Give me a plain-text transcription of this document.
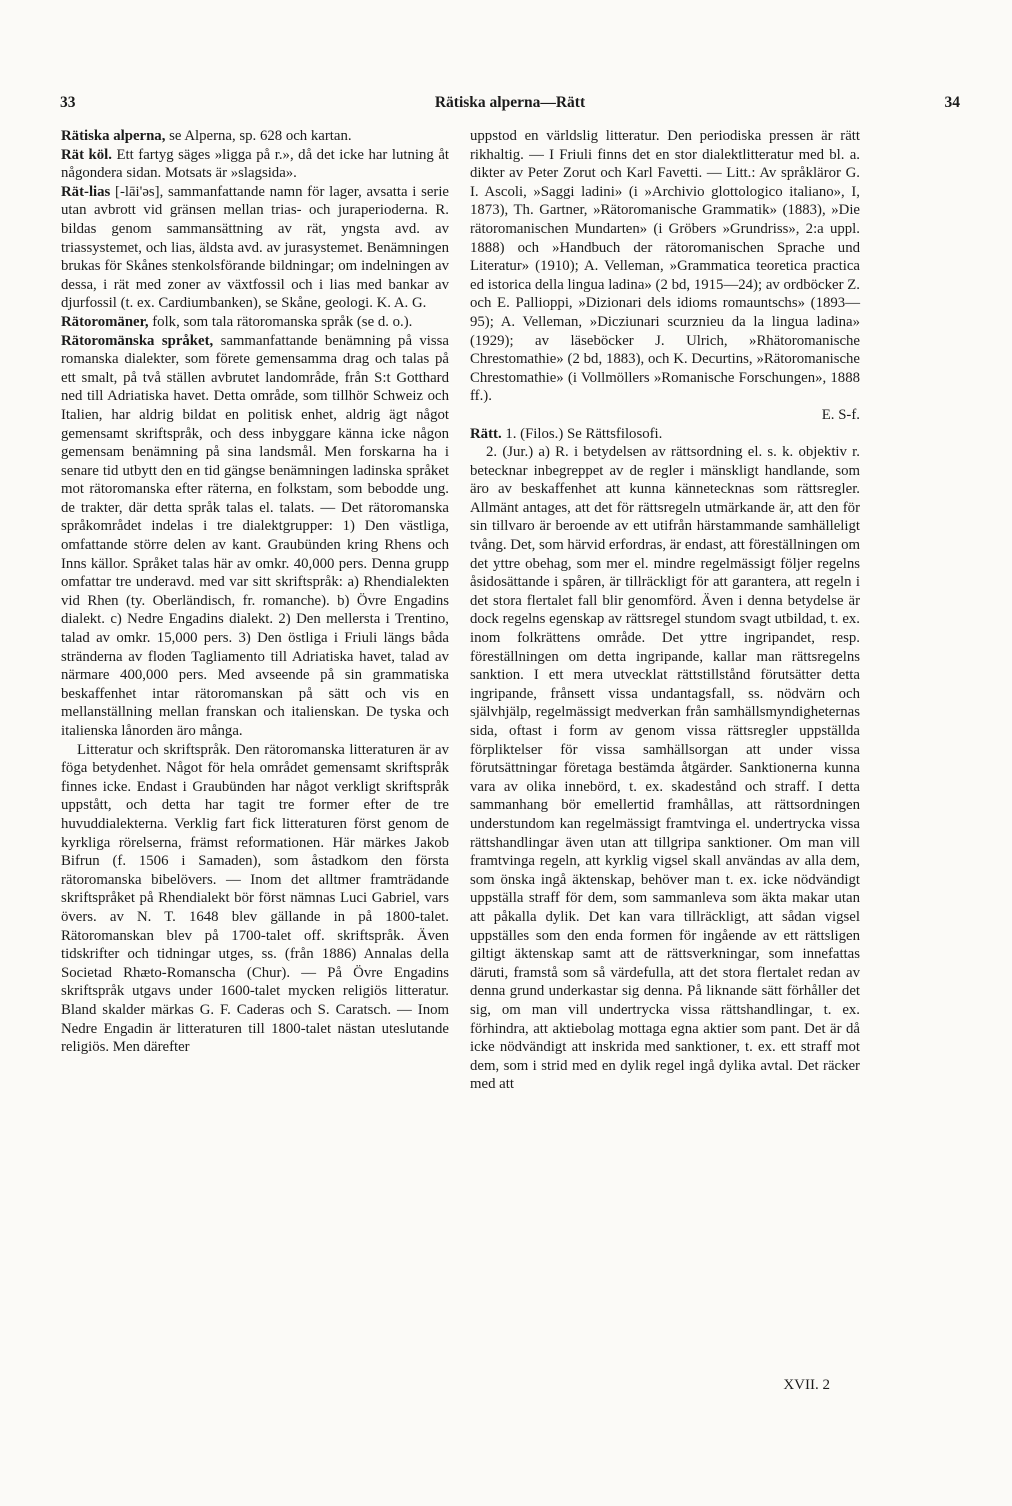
33	Rätiska alperna—Rätt	34

Rätiska alperna, se Alperna, sp. 628 och kartan.

Rät köl. Ett fartyg säges »ligga på r.», då det icke har lutning åt någondera sidan. Motsats är »slagsida».

Rät-lias [-lāi'əs], sammanfattande namn för lager, avsatta i serie utan avbrott vid gränsen mellan trias- och juraperioderna. R. bildas genom sammansättning av rät, yngsta avd. av triassystemet, och lias, äldsta avd. av jurasystemet. Benämningen brukas för Skånes stenkolsförande bildningar; om indelningen av dessa, i rät med zoner av växtfossil och i lias med bankar av djurfossil (t. ex. Cardiumbanken), se Skåne, geologi. K. A. G.

Rätoromäner, folk, som tala rätoromanska språk (se d. o.).

Rätoromänska språket, sammanfattande benämning på vissa romanska dialekter, som förete gemensamma drag och talas på ett smalt, på två ställen avbrutet landområde, från S:t Gotthard ned till Adriatiska havet. Detta område, som tillhör Schweiz och Italien, har aldrig bildat en politisk enhet, aldrig ägt något gemensamt skriftspråk, och dess inbyggare känna icke någon gemensam benämning på sina landsmål. Men forskarna ha i senare tid utbytt den en tid gängse benämningen ladinska språket mot rätoromanska efter räterna, en folkstam, som bebodde ung. de trakter, där detta språk talas el. talats. — Det rätoromanska språkområdet indelas i tre dialektgrupper: 1) Den västliga, omfattande större delen av kant. Graubünden kring Rhens och Inns källor. Språket talas här av omkr. 40,000 pers. Denna grupp omfattar tre underavd. med var sitt skriftspråk: a) Rhendialekten vid Rhen (ty. Oberländisch, fr. romanche). b) Övre Engadins dialekt. c) Nedre Engadins dialekt. 2) Den mellersta i Trentino, talad av omkr. 15,000 pers. 3) Den östliga i Friuli längs båda stränderna av floden Tagliamento till Adriatiska havet, talad av närmare 400,000 pers. Med avseende på sin grammatiska beskaffenhet intar rätoromanskan på sätt och vis en mellanställning mellan franskan och italienskan. De tyska och italienska lånorden äro många.

Litteratur och skriftspråk. Den rätoromanska litteraturen är av föga betydenhet. Något för hela området gemensamt skriftspråk finnes icke. Endast i Graubünden har något verkligt skriftspråk uppstått, och detta har tagit tre former efter de tre huvuddialekterna. Verklig fart fick litteraturen först genom de kyrkliga rörelserna, främst reformationen. Här märkes Jakob Bifrun (f. 1506 i Samaden), som åstadkom den första rätoromanska bibelövers. — Inom det alltmer framträdande skriftspråket på Rhendialekt bör först nämnas Luci Gabriel, vars övers. av N. T. 1648 blev gällande in på 1800-talet. Rätoromanskan blev på 1700-talet off. skriftspråk. Även tidskrifter och tidningar utges, ss. (från 1886) Annalas della Societad Rhæto-Romanscha (Chur). — På Övre Engadins skriftspråk utgavs under 1600-talet mycken religiös litteratur. Bland skalder märkas G. F. Caderas och S. Caratsch. — Inom Nedre Engadin är litteraturen till 1800-talet nästan uteslutande religiös. Men därefter

uppstod en världslig litteratur. Den periodiska pressen är rätt rikhaltig. — I Friuli finns det en stor dialektlitteratur med bl. a. dikter av Peter Zorut och Karl Favetti. — Litt.: Av språkläror G. I. Ascoli, »Saggi ladini» (i »Archivio glottologico italiano», I, 1873), Th. Gartner, »Rätoromanische Grammatik» (1883), »Die rätoromanischen Mundarten» (i Gröbers »Grundriss», 2:a uppl. 1888) och »Handbuch der rätoromanischen Sprache und Literatur» (1910); A. Velleman, »Grammatica teoretica practica ed istorica della lingua ladina» (2 bd, 1915—24); av ordböcker Z. och E. Pallioppi, »Dizionari dels idioms romauntschs» (1893—95); A. Velleman, »Dicziunari scurznieu da la lingua ladina» (1929); av läseböcker J. Ulrich, »Rhätoromanische Chrestomathie» (2 bd, 1883), och K. Decurtins, »Rätoromanische Chrestomathie» (i Vollmöllers »Romanische Forschungen», 1888 ff.).

E. S-f.

Rätt. 1. (Filos.) Se Rättsfilosofi.

2. (Jur.) a) R. i betydelsen av rättsordning el. s. k. objektiv r. betecknar inbegreppet av de regler i mänskligt handlande, som äro av beskaffenhet att kunna kännetecknas som rättsregler. Allmänt antages, att det för rättsregeln utmärkande är, att den för sin tillvaro är beroende av ett utifrån härstammande samhälleligt tvång. Det, som härvid erfordras, är endast, att föreställningen om det yttre obehag, som mer el. mindre regelmässigt följer regelns åsidosättande i spåren, är tillräckligt för att garantera, att regeln i det stora flertalet fall blir genomförd. Även i denna betydelse är dock regelns egenskap av rättsregel stundom svagt utbildad, t. ex. inom folkrättens område. Det yttre ingripandet, resp. föreställningen om detta ingripande, kallar man rättsregelns sanktion. I ett mera utvecklat rättstillstånd förutsätter detta ingripande, frånsett vissa undantagsfall, ss. nödvärn och självhjälp, regelmässigt medverkan från samhällsmyndigheternas sida, oftast i form av genom vissa rättsregler uppställda förpliktelser för vissa samhällsorgan att under vissa förutsättningar företaga bestämda åtgärder. Sanktionerna kunna vara av olika innebörd, t. ex. skadestånd och straff. I detta sammanhang bör emellertid framhållas, att rättsordningen understundom kan regelmässigt framtvinga el. undertrycka vissa rättshandlingar även utan att tillgripa sanktioner. Om man vill framtvinga regeln, att kyrklig vigsel skall användas av alla dem, som önska ingå äktenskap, behöver man t. ex. icke nödvändigt uppställa straff för dem, som sammanleva som äkta makar utan att påkalla dylik. Det kan vara tillräckligt, att sådan vigsel uppställes som den enda formen för ingående av ett rättsligen giltigt äktenskap samt att de rättsverkningar, som innefattas däruti, framstå som så värdefulla, att det stora flertalet redan av denna grund underkastar sig denna. På liknande sätt förhåller det sig, om man vill undertrycka vissa rättshandlingar, t. ex. förhindra, att aktiebolag mottaga egna aktier som pant. Det är då icke nödvändigt att inskrida med sanktioner, t. ex. ett straff mot dem, som i strid med en dylik regel ingå dylika avtal. Det räcker med att

XVII. 2
